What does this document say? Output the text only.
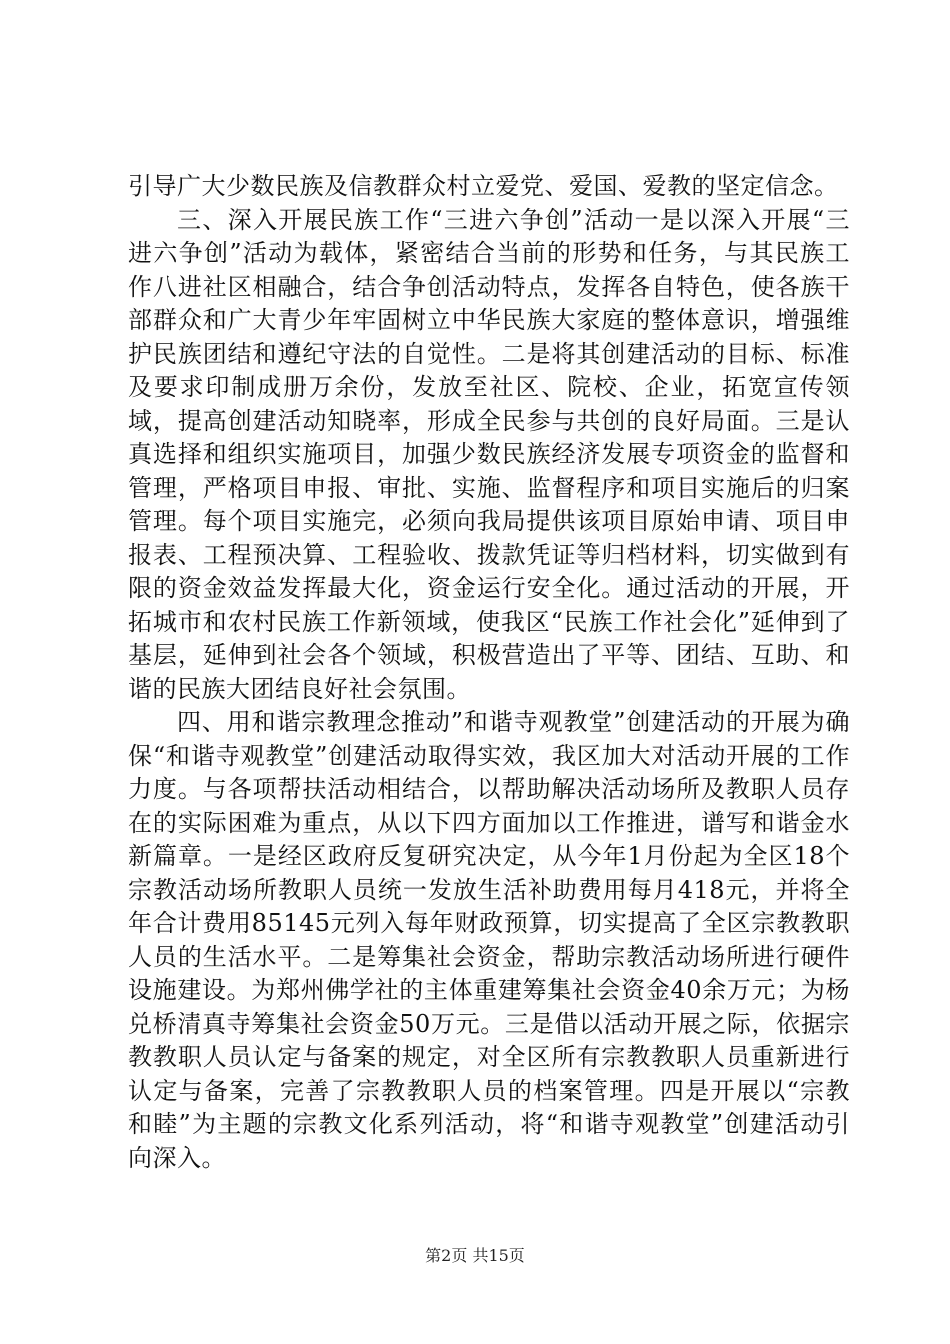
引导广大少数民族及信教群众村立爱党、爱国、爱教的坚定信念。

三、深入开展民族工作“三进六争创”活动一是以深入开展“三进六争创”活动为载体，紧密结合当前的形势和任务，与其民族工作八进社区相融合，结合争创活动特点，发挥各自特色，使各族干部群众和广大青少年牢固树立中华民族大家庭的整体意识，增强维护民族团结和遵纪守法的自觉性。二是将其创建活动的目标、标准及要求印制成册万余份，发放至社区、院校、企业，拓宽宣传领域，提高创建活动知晓率，形成全民参与共创的良好局面。三是认真选择和组织实施项目，加强少数民族经济发展专项资金的监督和管理，严格项目申报、审批、实施、监督程序和项目实施后的归案管理。每个项目实施完，必须向我局提供该项目原始申请、项目申报表、工程预决算、工程验收、拨款凭证等归档材料，切实做到有限的资金效益发挥最大化，资金运行安全化。通过活动的开展，开拓城市和农村民族工作新领域，使我区“民族工作社会化”延伸到了基层，延伸到社会各个领域，积极营造出了平等、团结、互助、和谐的民族大团结良好社会氛围。

四、用和谐宗教理念推动”和谐寺观教堂”创建活动的开展为确保“和谐寺观教堂”创建活动取得实效，我区加大对活动开展的工作力度。与各项帮扶活动相结合，以帮助解决活动场所及教职人员存在的实际困难为重点，从以下四方面加以工作推进，谱写和谐金水新篇章。一是经区政府反复研究决定，从今年1月份起为全区18个宗教活动场所教职人员统一发放生活补助费用每月418元，并将全年合计费用85145元列入每年财政预算，切实提高了全区宗教教职人员的生活水平。二是筹集社会资金，帮助宗教活动场所进行硬件设施建设。为郑州佛学社的主体重建筹集社会资金40余万元；为杨兑桥清真寺筹集社会资金50万元。三是借以活动开展之际，依据宗教教职人员认定与备案的规定，对全区所有宗教教职人员重新进行认定与备案，完善了宗教教职人员的档案管理。四是开展以“宗教和睦”为主题的宗教文化系列活动，将“和谐寺观教堂”创建活动引向深入。

第2页 共15页
